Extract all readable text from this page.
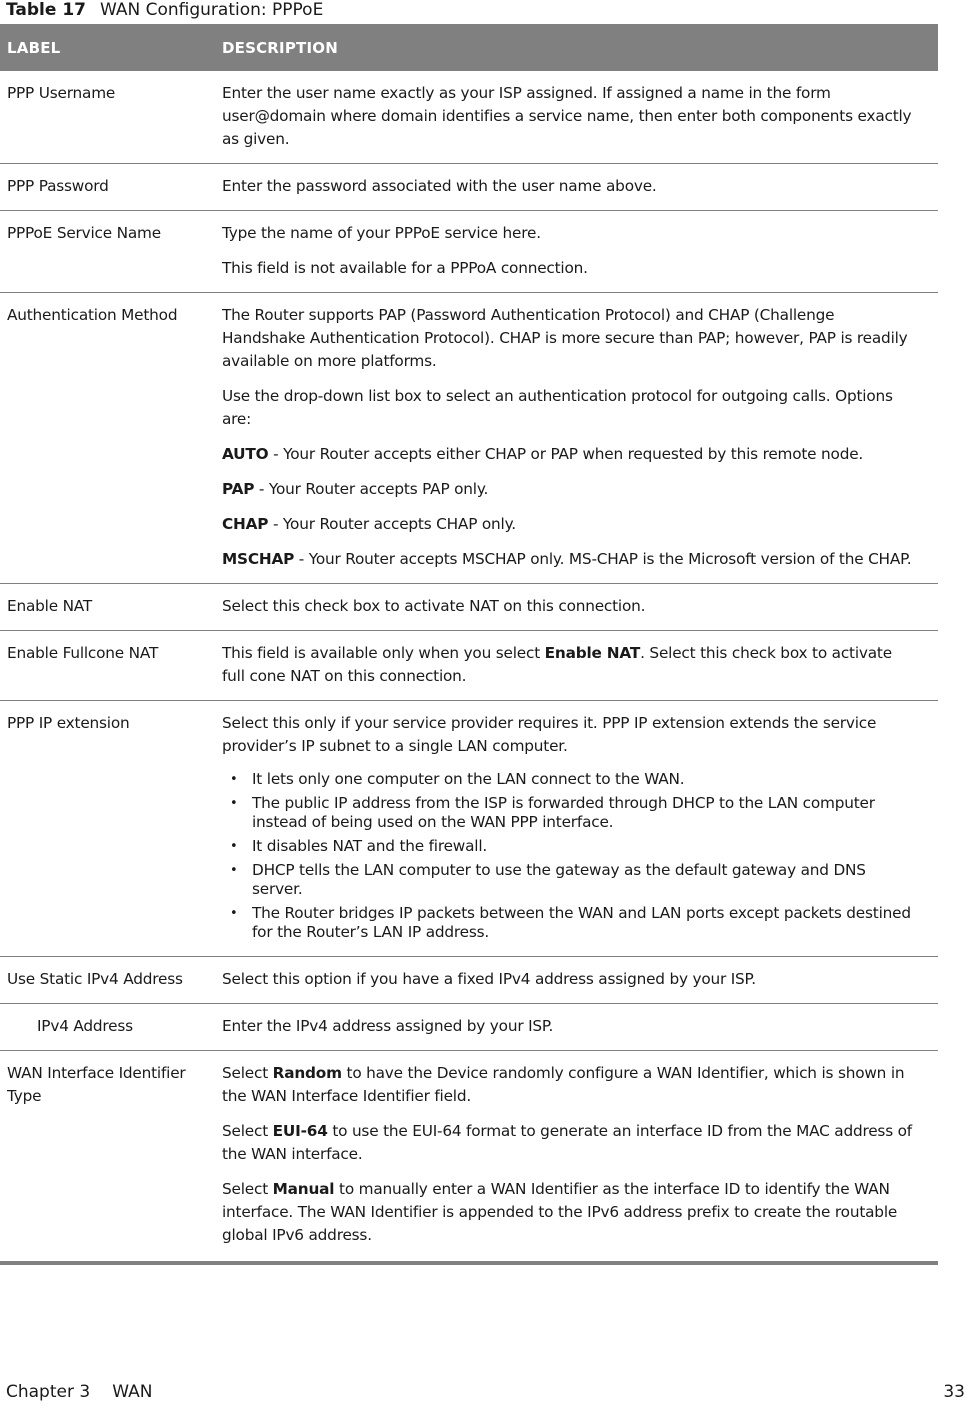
Table 17 WAN Configuration: PPPoE
LABEL	DESCRIPTION
PPP Username	Enter the user name exactly as your ISP assigned. If assigned a name in the form user@domain where domain identifies a service name, then enter both components exactly as given.

PPP Password	Enter the password associated with the user name above.

PPPoE Service Name	Type the name of your PPPoE service here.

This field is not available for a PPPoA connection.

Authentication Method	The Router supports PAP (Password Authentication Protocol) and CHAP (Challenge Handshake Authentication Protocol). CHAP is more secure than PAP; however, PAP is readily available on more platforms.

Use the drop-down list box to select an authentication protocol for outgoing calls. Options are:

AUTO - Your Router accepts either CHAP or PAP when requested by this remote node.

PAP - Your Router accepts PAP only.

CHAP - Your Router accepts CHAP only.

MSCHAP - Your Router accepts MSCHAP only. MS-CHAP is the Microsoft version of the CHAP.

Enable NAT	Select this check box to activate NAT on this connection.

Enable Fullcone NAT	This field is available only when you select Enable NAT. Select this check box to activate full cone NAT on this connection.

PPP IP extension	Select this only if your service provider requires it. PPP IP extension extends the service provider’s IP subnet to a single LAN computer.

• It lets only one computer on the LAN connect to the WAN.
• The public IP address from the ISP is forwarded through DHCP to the LAN computer instead of being used on the WAN PPP interface.
• It disables NAT and the firewall.
• DHCP tells the LAN computer to use the gateway as the default gateway and DNS server.
• The Router bridges IP packets between the WAN and LAN ports except packets destined for the Router’s LAN IP address.

Use Static IPv4 Address	Select this option if you have a fixed IPv4 address assigned by your ISP.

IPv4 Address	Enter the IPv4 address assigned by your ISP.

WAN Interface Identifier Type	Select Random to have the Device randomly configure a WAN Identifier, which is shown in the WAN Interface Identifier field.

Select EUI-64 to use the EUI-64 format to generate an interface ID from the MAC address of the WAN interface.

Select Manual to manually enter a WAN Identifier as the interface ID to identify the WAN interface. The WAN Identifier is appended to the IPv6 address prefix to create the routable global IPv6 address.

Chapter 3 WAN	33
